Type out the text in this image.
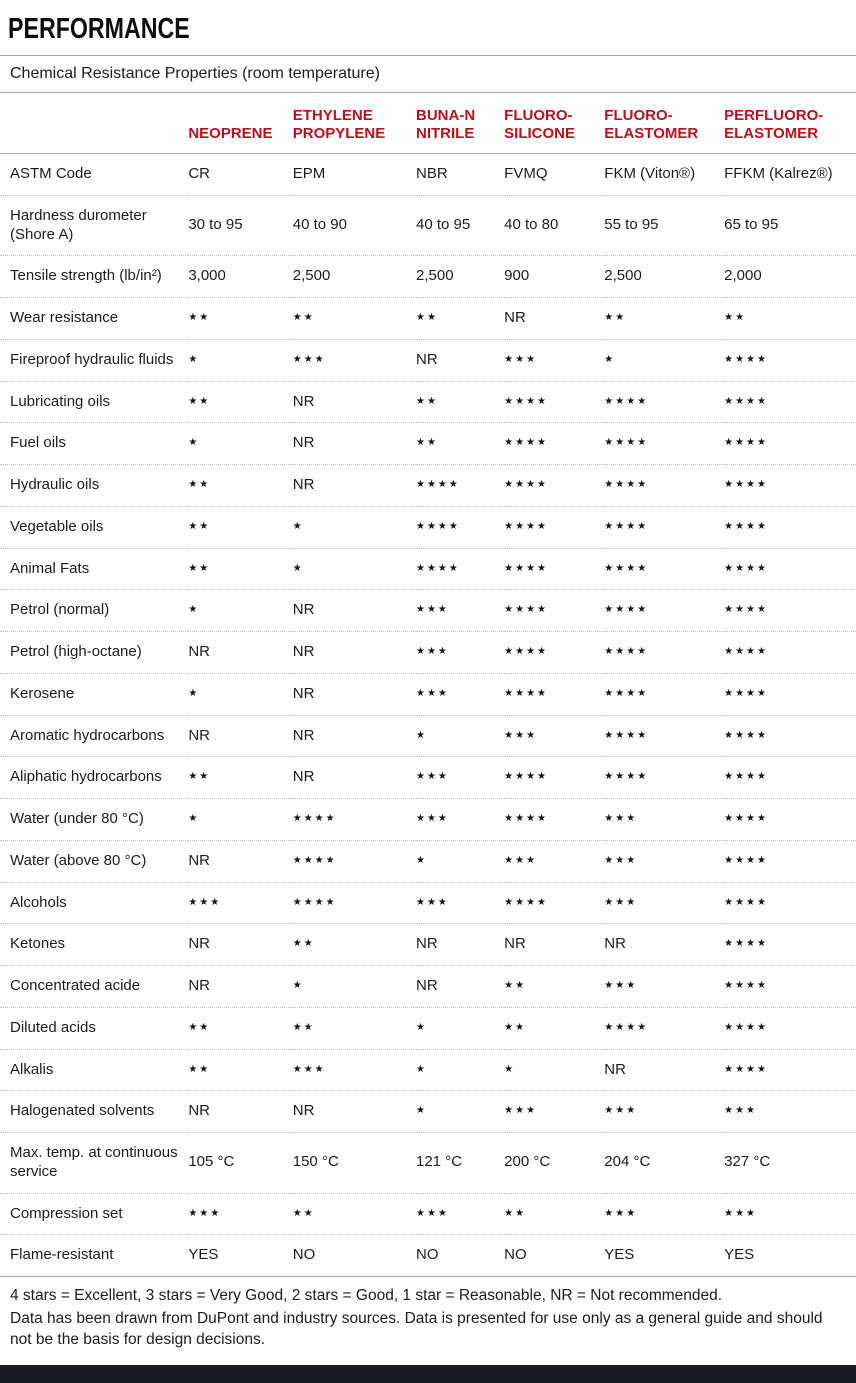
PERFORMANCE
Chemical Resistance Properties (room temperature)
	NEOPRENE	ETHYLENE PROPYLENE	BUNA-N NITRILE	FLUORO-SILICONE	FLUORO-ELASTOMER	PERFLUORO-ELASTOMER
ASTM Code	CR	EPM	NBR	FVMQ	FKM (Viton®)	FFKM (Kalrez®)
Hardness durometer (Shore A)	30 to 95	40 to 90	40 to 95	40 to 80	55 to 95	65 to 95
Tensile strength (lb/in²)	3,000	2,500	2,500	900	2,500	2,000
Wear resistance	★★	★★	★★	NR	★★	★★
Fireproof hydraulic fluids	★	★★★	NR	★★★	★	★★★★
Lubricating oils	★★	NR	★★	★★★★	★★★★	★★★★
Fuel oils	★	NR	★★	★★★★	★★★★	★★★★
Hydraulic oils	★★	NR	★★★★	★★★★	★★★★	★★★★
Vegetable oils	★★	★	★★★★	★★★★	★★★★	★★★★
Animal Fats	★★	★	★★★★	★★★★	★★★★	★★★★
Petrol (normal)	★	NR	★★★	★★★★	★★★★	★★★★
Petrol (high-octane)	NR	NR	★★★	★★★★	★★★★	★★★★
Kerosene	★	NR	★★★	★★★★	★★★★	★★★★
Aromatic hydrocarbons	NR	NR	★	★★★	★★★★	★★★★
Aliphatic hydrocarbons	★★	NR	★★★	★★★★	★★★★	★★★★
Water (under 80 °C)	★	★★★★	★★★	★★★★	★★★	★★★★
Water (above 80 °C)	NR	★★★★	★	★★★	★★★	★★★★
Alcohols	★★★	★★★★	★★★	★★★★	★★★	★★★★
Ketones	NR	★★	NR	NR	NR	★★★★
Concentrated acide	NR	★	NR	★★	★★★	★★★★
Diluted acids	★★	★★	★	★★	★★★★	★★★★
Alkalis	★★	★★★	★	★	NR	★★★★
Halogenated solvents	NR	NR	★	★★★	★★★	★★★
Max. temp. at continuous service	105 °C	150 °C	121 °C	200 °C	204 °C	327 °C
Compression set	★★★	★★	★★★	★★	★★★	★★★
Flame-resistant	YES	NO	NO	NO	YES	YES
4 stars = Excellent, 3 stars = Very Good, 2 stars = Good, 1 star = Reasonable, NR = Not recommended.
Data has been drawn from DuPont and industry sources. Data is presented for use only as a general guide and should not be the basis for design decisions.
